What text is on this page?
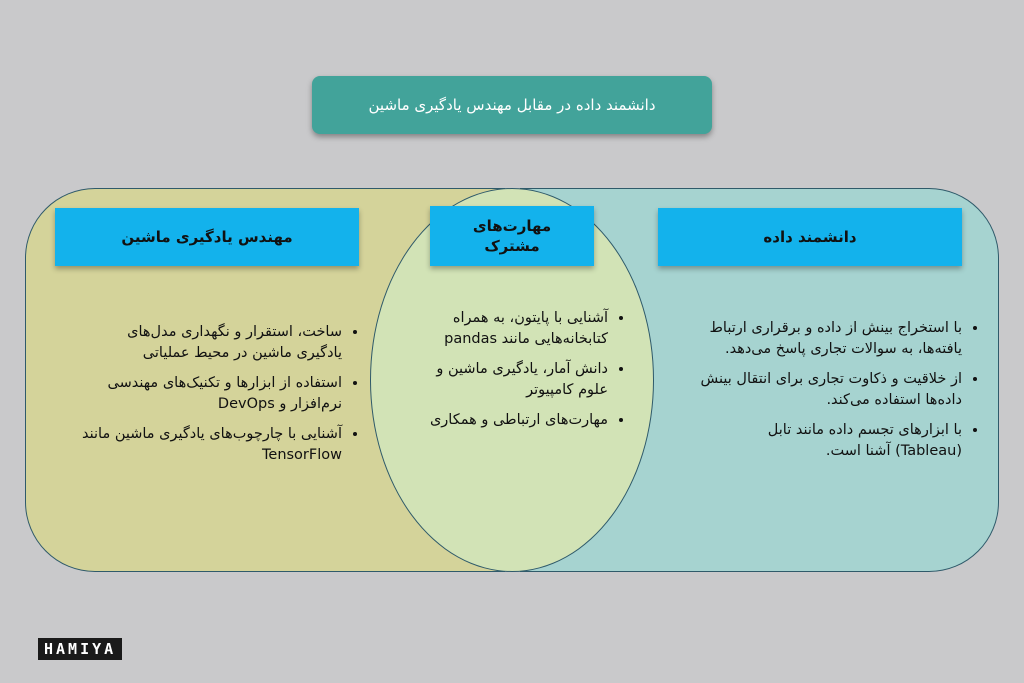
دانشمند داده در مقابل مهندس یادگیری ماشین
مهندس یادگیری ماشین	دانشمند داده
مهارت‌های مشترک
• ساخت، استقرار و نگهداری مدل‌های یادگیری ماشین در محیط عملیاتی
• استفاده از ابزارها و تکنیک‌های مهندسی نرم‌افزار و DevOps
• آشنایی با چارچوب‌های یادگیری ماشین مانند TensorFlow
• آشنایی با پایتون، به همراه کتابخانه‌هایی مانند pandas
• دانش آمار، یادگیری ماشین و علوم کامپیوتر
• مهارت‌های ارتباطی و همکاری
• با استخراج بینش از داده و برقراری ارتباط یافته‌ها، به سوالات تجاری پاسخ می‌دهد.
• از خلاقیت و ذکاوت تجاری برای انتقال بینش داده‌ها استفاده می‌کند.
• با ابزارهای تجسم داده مانند تابل (Tableau) آشنا است.
HAMIYA
